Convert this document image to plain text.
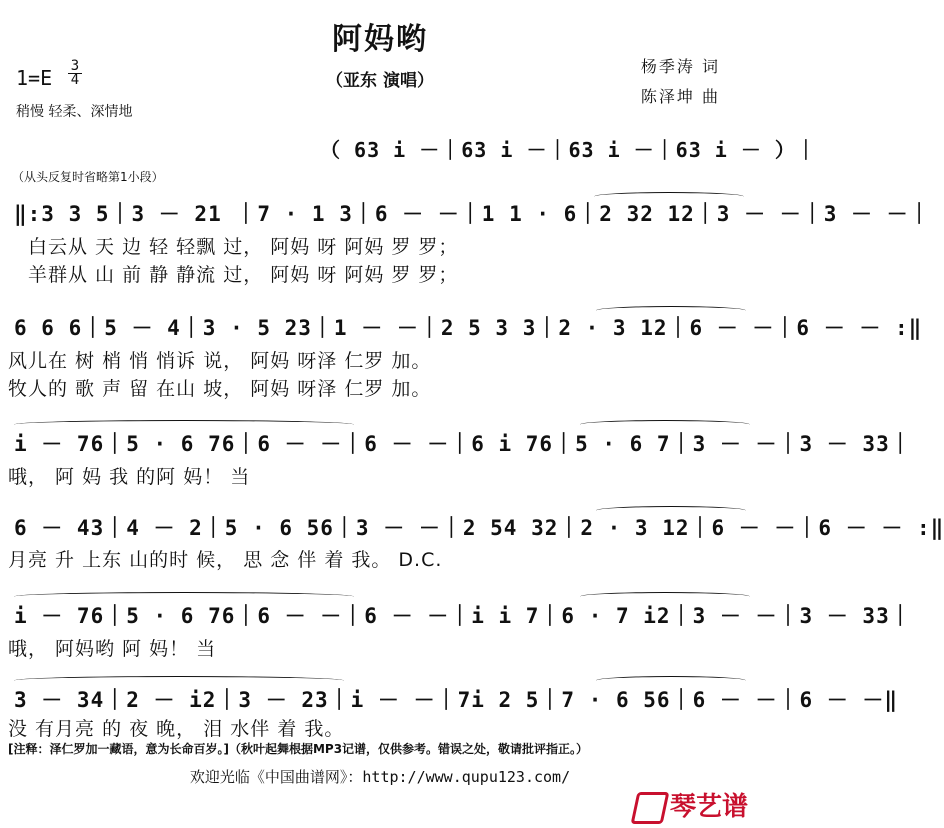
阿妈哟
（亚东 演唱）
杨季涛 词
陈泽坤 曲
$1=E \frac{3}{4}$
稍慢 轻柔、深情地
（ 63 i －｜63 i －｜63 i －｜63 i － ）｜
（从头反复时省略第1小段）
‖:3 3 5｜3 － 21 ｜7 · 1 3｜6 － －｜1 1 · 6｜2 32 12｜3 － －｜3 － －｜
白云从 天 边 轻 轻飘 过， 阿妈 呀 阿妈 罗 罗；
羊群从 山 前 静 静流 过， 阿妈 呀 阿妈 罗 罗；
6 6 6｜5 － 4｜3 · 5 23｜1 － －｜2 5 3 3｜2 · 3 12｜6 － －｜6 － － :‖
风儿在 树 梢 悄 悄诉 说， 阿妈 呀泽 仁罗 加。
牧人的 歌 声 留 在山 坡， 阿妈 呀泽 仁罗 加。
i － 76｜5 · 6 76｜6 － －｜6 － －｜6 i 76｜5 · 6 7｜3 － －｜3 － 33｜
哦， 阿 妈 我 的阿 妈！ 当
6 － 43｜4 － 2｜5 · 6 56｜3 － －｜2 54 32｜2 · 3 12｜6 － －｜6 － － :‖
月亮 升 上东 山的时 候， 思 念 伴 着 我。 D.C.
i － 76｜5 · 6 76｜6 － －｜6 － －｜i i 7｜6 · 7 i2｜3 － －｜3 － 33｜
哦， 阿妈哟 阿 妈！ 当
3 － 34｜2 － i2｜3 － 23｜i － －｜7i 2 5｜7 · 6 56｜6 － －｜6 － －‖
没 有月亮 的 夜 晚， 泪 水伴 着 我。
[注释：泽仁罗加一藏语，意为长命百岁。]（秋叶起舞根据MP3记谱，仅供参考。错误之处，敬请批评指正。）
欢迎光临《中国曲谱网》：http://www.qupu123.com/
琴艺谱
